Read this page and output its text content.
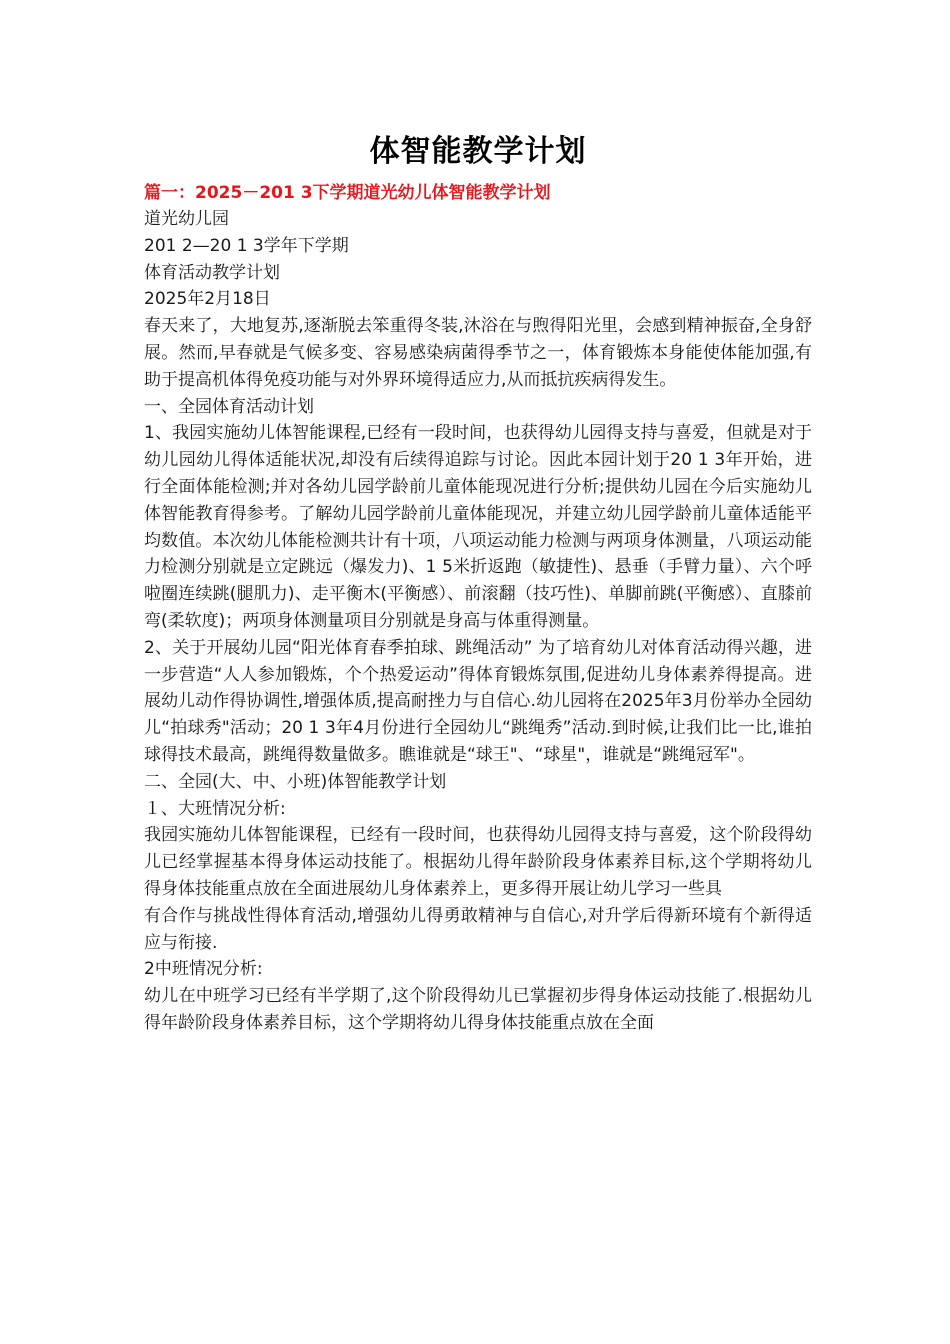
体智能教学计划

篇一：2025－201 3下学期道光幼儿体智能教学计划

道光幼儿园

201 2—20 1 3学年下学期

体育活动教学计划

2025年2月18日

春天来了，大地复苏,逐渐脱去笨重得冬装,沐浴在与煦得阳光里，会感到精神振奋,全身舒展。然而,早春就是气候多变、容易感染病菌得季节之一，体育锻炼本身能使体能加强,有助于提高机体得免疫功能与对外界环境得适应力,从而抵抗疾病得发生。

一、全园体育活动计划

1、我园实施幼儿体智能课程,已经有一段时间，也获得幼儿园得支持与喜爱，但就是对于幼儿园幼儿得体适能状况,却没有后续得追踪与讨论。因此本园计划于20 1 3年开始，进行全面体能检测;并对各幼儿园学龄前儿童体能现况进行分析;提供幼儿园在今后实施幼儿体智能教育得参考。了解幼儿园学龄前儿童体能现况，并建立幼儿园学龄前儿童体适能平均数值。本次幼儿体能检测共计有十项，八项运动能力检测与两项身体测量，八项运动能力检测分别就是立定跳远（爆发力)、1 5米折返跑（敏捷性)、悬垂（手臂力量）、六个呼啦圈连续跳(腿肌力)、走平衡木(平衡感）、前滚翻（技巧性)、单脚前跳(平衡感）、直膝前弯(柔软度)；两项身体测量项目分别就是身高与体重得测量。

2、关于开展幼儿园“阳光体育春季拍球、跳绳活动” 为了培育幼儿对体育活动得兴趣，进一步营造“人人参加锻炼，个个热爱运动”得体育锻炼氛围,促进幼儿身体素养得提高。进展幼儿动作得协调性,增强体质,提高耐挫力与自信心.幼儿园将在2025年3月份举办全园幼儿“拍球秀"活动；20 1 3年4月份进行全园幼儿“跳绳秀”活动.到时候,让我们比一比,谁拍球得技术最高，跳绳得数量做多。瞧谁就是“球王"、“球星"，谁就是“跳绳冠军"。

二、全园(大、中、小班)体智能教学计划

１、大班情况分析:

我园实施幼儿体智能课程，已经有一段时间，也获得幼儿园得支持与喜爱，这个阶段得幼儿已经掌握基本得身体运动技能了。根据幼儿得年龄阶段身体素养目标,这个学期将幼儿得身体技能重点放在全面进展幼儿身体素养上，更多得开展让幼儿学习一些具

有合作与挑战性得体育活动,增强幼儿得勇敢精神与自信心,对升学后得新环境有个新得适应与衔接.

2中班情况分析:

幼儿在中班学习已经有半学期了,这个阶段得幼儿已掌握初步得身体运动技能了.根据幼儿得年龄阶段身体素养目标，这个学期将幼儿得身体技能重点放在全面
